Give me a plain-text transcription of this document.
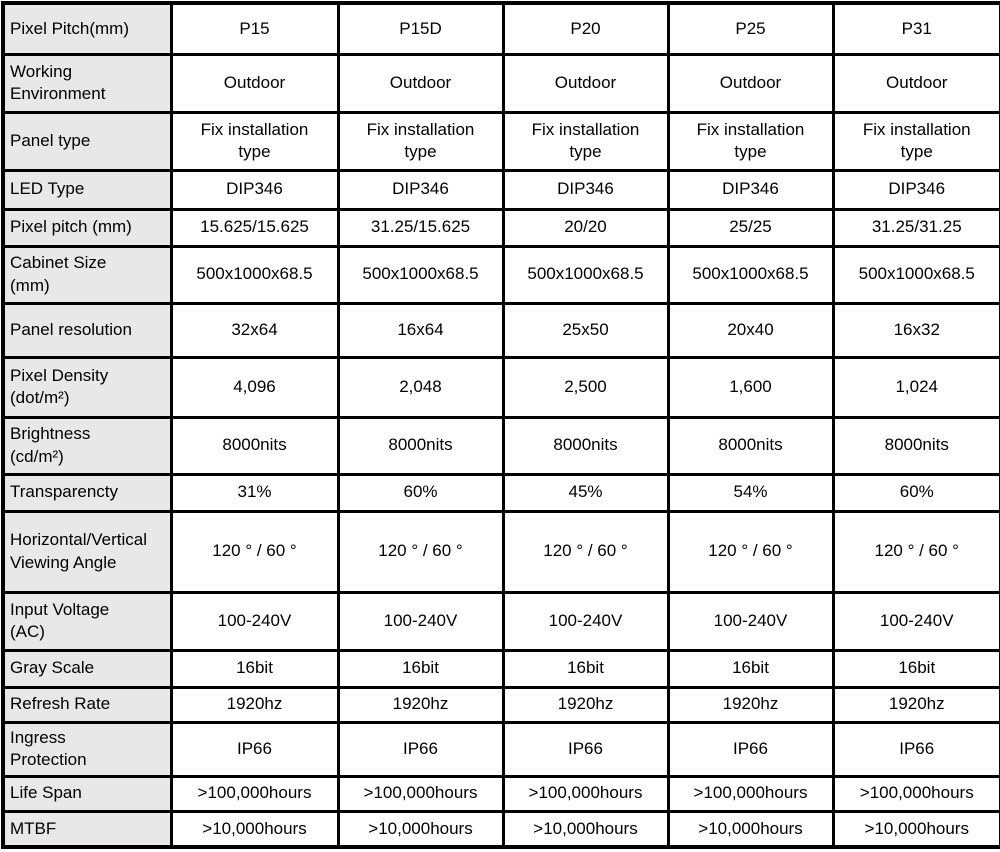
Pixel Pitch(mm)	P15	P15D	P20	P25	P31
Working Environment	Outdoor	Outdoor	Outdoor	Outdoor	Outdoor
Panel type	Fix installation type	Fix installation type	Fix installation type	Fix installation type	Fix installation type
LED Type	DIP346	DIP346	DIP346	DIP346	DIP346
Pixel pitch (mm)	15.625/15.625	31.25/15.625	20/20	25/25	31.25/31.25
Cabinet Size (mm)	500x1000x68.5	500x1000x68.5	500x1000x68.5	500x1000x68.5	500x1000x68.5
Panel resolution	32x64	16x64	25x50	20x40	16x32
Pixel Density (dot/m²)	4,096	2,048	2,500	1,600	1,024
Brightness (cd/m²)	8000nits	8000nits	8000nits	8000nits	8000nits
Transparencty	31%	60%	45%	54%	60%
Horizontal/Vertical Viewing Angle	120 ° / 60 °	120 ° / 60 °	120 ° / 60 °	120 ° / 60 °	120 ° / 60 °
Input Voltage (AC)	100-240V	100-240V	100-240V	100-240V	100-240V
Gray Scale	16bit	16bit	16bit	16bit	16bit
Refresh Rate	1920hz	1920hz	1920hz	1920hz	1920hz
Ingress Protection	IP66	IP66	IP66	IP66	IP66
Life Span	>100,000hours	>100,000hours	>100,000hours	>100,000hours	>100,000hours
MTBF	>10,000hours	>10,000hours	>10,000hours	>10,000hours	>10,000hours
